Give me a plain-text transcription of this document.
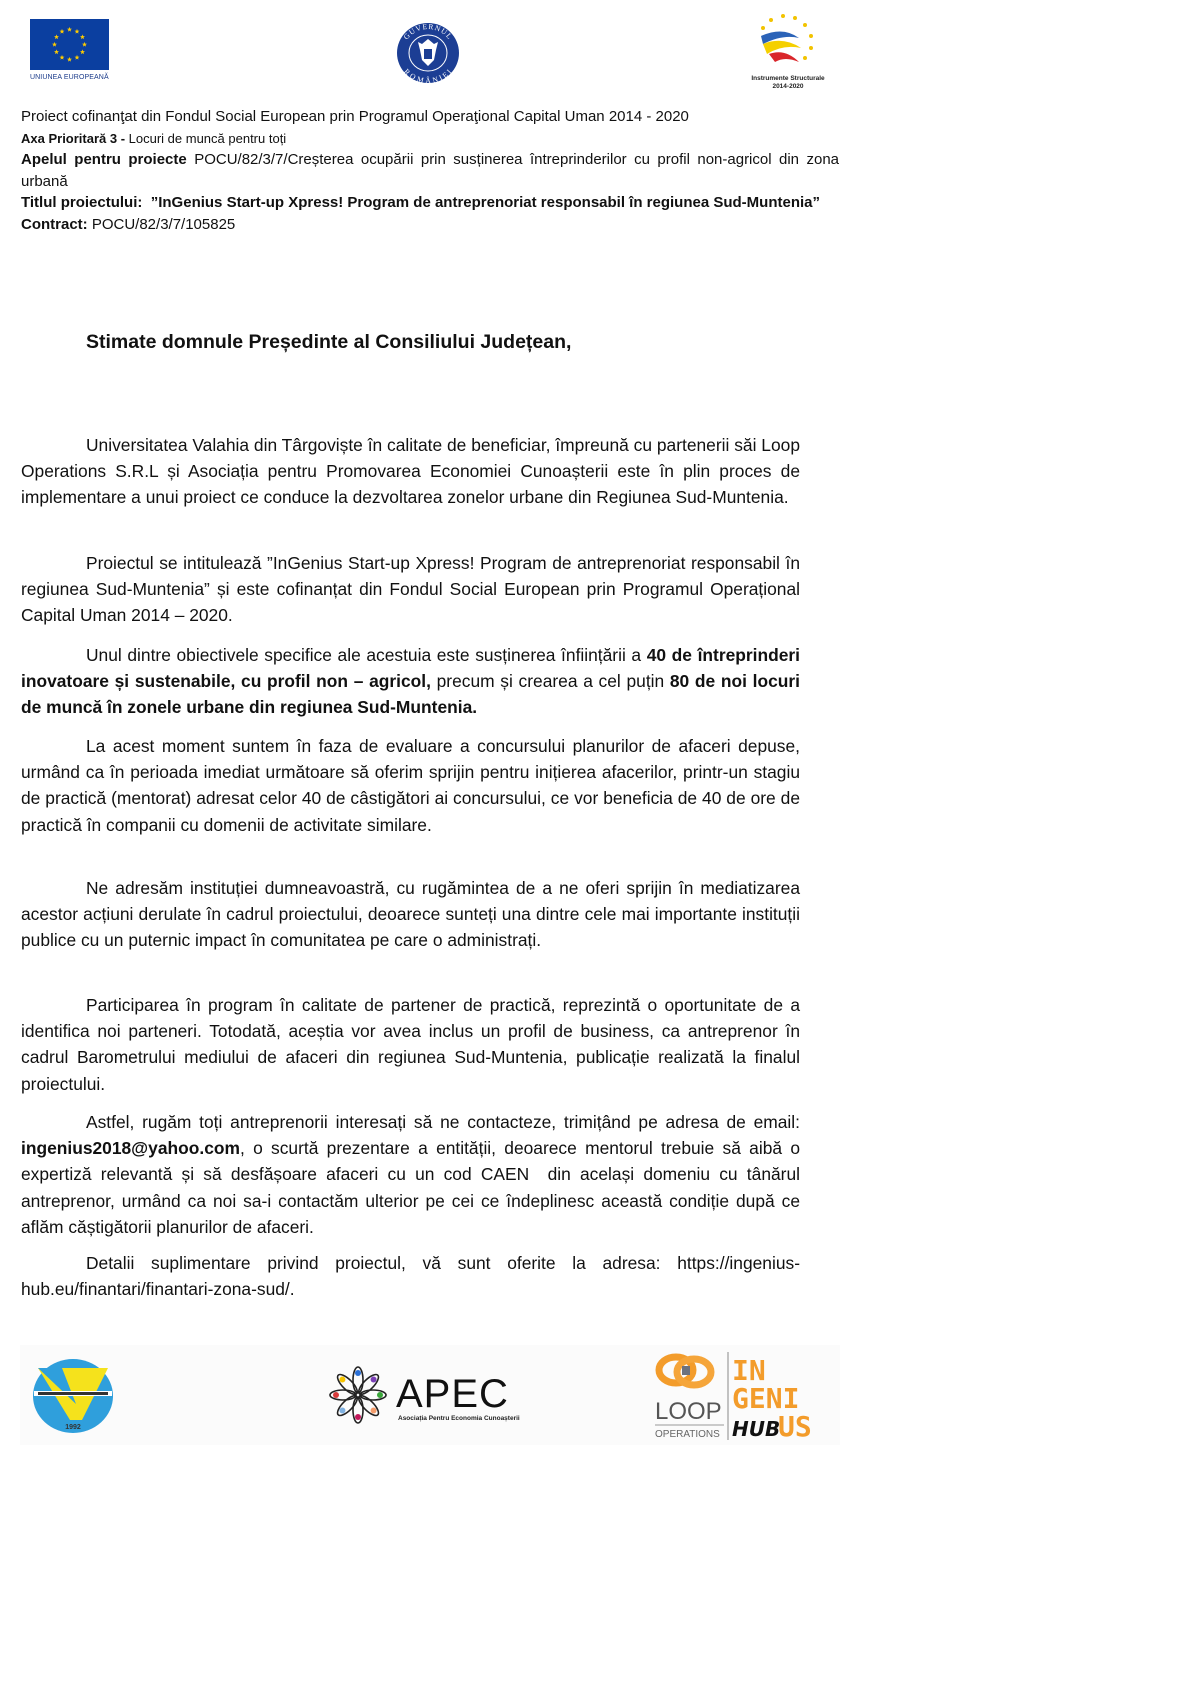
UNIUNEA EUROPEANĂ
GUVERNUL
ROMÂNIEI
Instrumente Structurale
2014-2020
Proiect cofinanţat din Fondul Social European prin Programul Operaţional Capital Uman 2014 - 2020
Axa Prioritară 3 - Locuri de muncă pentru toți
Apelul pentru proiecte POCU/82/3/7/Creșterea ocupării prin susținerea întreprinderilor cu profil non-agricol din zona urbană
Titlul proiectului:  ”InGenius Start-up Xpress! Program de antreprenoriat responsabil în regiunea Sud-Muntenia”
Contract: POCU/82/3/7/105825
Stimate domnule Președinte al Consiliului Județean,
Universitatea Valahia din Târgoviște în calitate de beneficiar, împreună cu partenerii săi Loop Operations S.R.L și Asociația pentru Promovarea Economiei Cunoașterii este în plin proces de implementare a unui proiect ce conduce la dezvoltarea zonelor urbane din Regiunea Sud-Muntenia.
Proiectul se intitulează ”InGenius Start-up Xpress! Program de antreprenoriat responsabil în regiunea Sud-Muntenia” și este cofinanțat din Fondul Social European prin Programul Operațional Capital Uman 2014 – 2020.
Unul dintre obiectivele specifice ale acestuia este susținerea înființării a 40 de întreprinderi inovatoare și sustenabile, cu profil non – agricol, precum și crearea a cel puțin 80 de noi locuri de muncă în zonele urbane din regiunea Sud-Muntenia.
La acest moment suntem în faza de evaluare a concursului planurilor de afaceri depuse, urmând ca în perioada imediat următoare să oferim sprijin pentru inițierea afacerilor, printr-un stagiu de practică (mentorat) adresat celor 40 de câstigători ai concursului, ce vor beneficia de 40 de ore de practică în companii cu domenii de activitate similare.
Ne adresăm instituției dumneavoastră, cu rugămintea de a ne oferi sprijin în mediatizarea acestor acțiuni derulate în cadrul proiectului, deoarece sunteți una dintre cele mai importante instituții publice cu un puternic impact în comunitatea pe care o administrați.
Participarea în program în calitate de partener de practică, reprezintă o oportunitate de a identifica noi parteneri. Totodată, aceștia vor avea inclus un profil de business, ca antreprenor în cadrul Barometrului mediului de afaceri din regiunea Sud-Muntenia, publicație realizată la finalul proiectului.
Astfel, rugăm toți antreprenorii interesați să ne contacteze, trimițând pe adresa de email: ingenius2018@yahoo.com, o scurtă prezentare a entității, deoarece mentorul trebuie să aibă o expertiză relevantă și să desfășoare afaceri cu un cod CAEN  din același domeniu cu tânărul antreprenor, urmând ca noi sa-i contactăm ulterior pe cei ce îndeplinesc această condiție după ce aflăm căștigătorii planurilor de afaceri.
Detalii suplimentare privind proiectul, vă sunt oferite la adresa: https://ingenius-hub.eu/finantari/finantari-zona-sud/.
1992
APEC
Asociația Pentru Economia Cunoașterii	LOOP
OPERATIONS
IN
GENI
HUB
US
